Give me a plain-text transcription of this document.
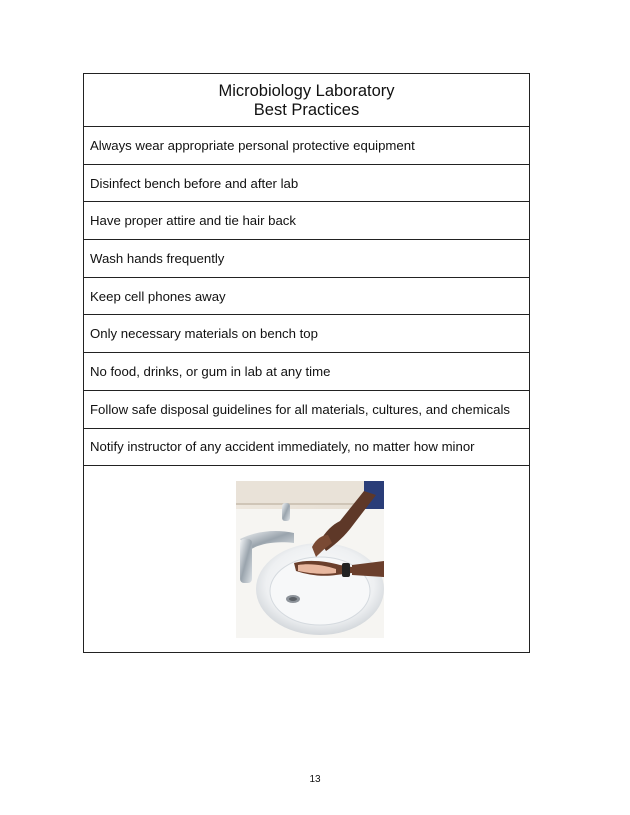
Microbiology Laboratory
Best Practices
Always wear appropriate personal protective equipment
Disinfect bench before and after lab
Have proper attire and tie hair back
Wash hands frequently
Keep cell phones away
Only necessary materials on bench top
No food, drinks, or gum in lab at any time
Follow safe disposal guidelines for all materials, cultures, and chemicals
Notify instructor of any accident immediately, no matter how minor
13
